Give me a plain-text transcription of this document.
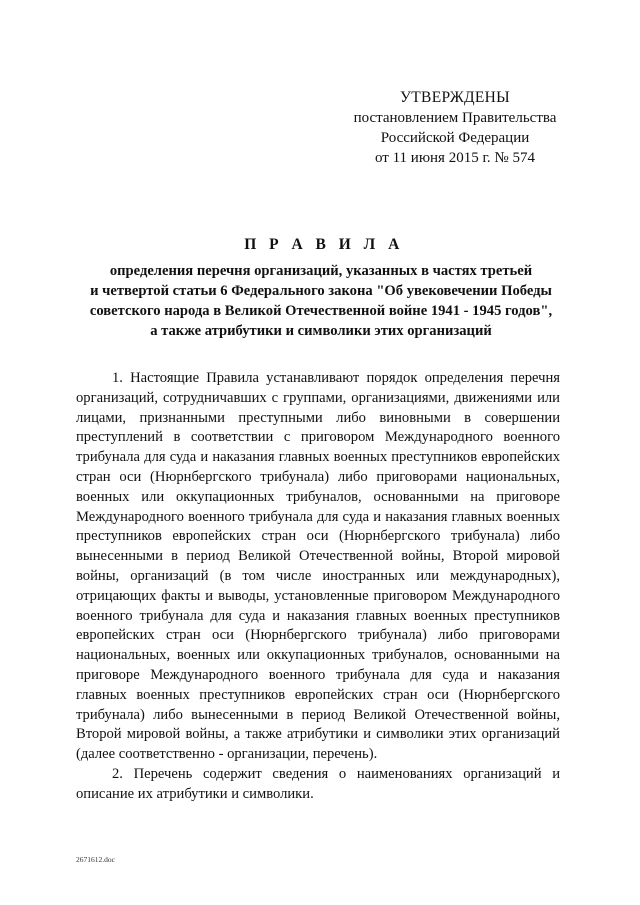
УТВЕРЖДЕНЫ
постановлением Правительства
Российской Федерации
от 11 июня 2015 г. № 574
П Р А В И Л А
определения перечня организаций, указанных в частях третьей
и четвертой статьи 6 Федерального закона "Об увековечении Победы
советского народа в Великой Отечественной войне 1941 - 1945 годов",
а также атрибутики и символики этих организаций

1. Настоящие Правила устанавливают порядок определения перечня организаций, сотрудничавших с группами, организациями, движениями или лицами, признанными преступными либо виновными в совершении преступлений в соответствии с приговором Международного военного трибунала для суда и наказания главных военных преступников европейских стран оси (Нюрнбергского трибунала) либо приговорами национальных, военных или оккупационных трибуналов, основанными на приговоре Международного военного трибунала для суда и наказания главных военных преступников европейских стран оси (Нюрнбергского трибунала) либо вынесенными в период Великой Отечественной войны, Второй мировой войны, организаций (в том числе иностранных или международных), отрицающих факты и выводы, установленные приговором Международного военного трибунала для суда и наказания главных военных преступников европейских стран оси (Нюрнбергского трибунала) либо приговорами национальных, военных или оккупационных трибуналов, основанными на приговоре Международного военного трибунала для суда и наказания главных военных преступников европейских стран оси (Нюрнбергского трибунала) либо вынесенными в период Великой Отечественной войны, Второй мировой войны, а также атрибутики и символики этих организаций (далее соответственно - организации, перечень).

2. Перечень содержит сведения о наименованиях организаций и описание их атрибутики и символики.

2671612.doc
